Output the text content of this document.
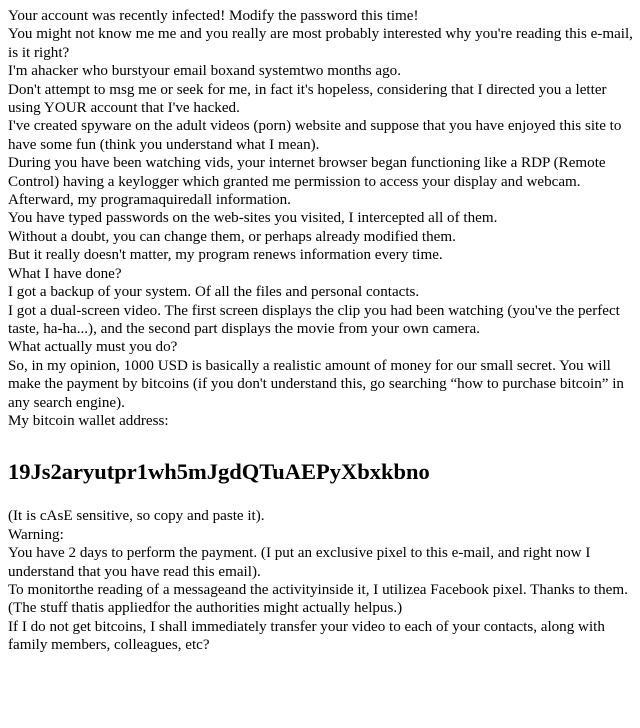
Your account was recently infected! Modify the password this time!

You might not know me me and you really are most probably interested why you're reading this e-mail, is it right?

I'm ahacker who burstyour email boxand systemtwo months ago.

Don't attempt to msg me or seek for me, in fact it's hopeless, considering that I directed you a letter using YOUR account that I've hacked.

I've created spyware on the adult videos (porn) website and suppose that you have enjoyed this site to have some fun (think you understand what I mean).

During you have been watching vids, your internet browser began functioning like a RDP (Remote Control) having a keylogger which granted me permission to access your display and webcam.

Afterward, my programaquiredall information.

You have typed passwords on the web-sites you visited, I intercepted all of them.

Without a doubt, you can change them, or perhaps already modified them.

But it really doesn't matter, my program renews information every time.

What I have done?

I got a backup of your system. Of all the files and personal contacts.

I got a dual-screen video. The first screen displays the clip you had been watching (you've the perfect taste, ha-ha...), and the second part displays the movie from your own camera.

What actually must you do?

So, in my opinion, 1000 USD is basically a realistic amount of money for our small secret. You will make the payment by bitcoins (if you don't understand this, go searching “how to purchase bitcoin” in any search engine).

My bitcoin wallet address:

19Js2aryutpr1wh5mJgdQTuAEPyXbxkbno

(It is cAsE sensitive, so copy and paste it).

Warning:

You have 2 days to perform the payment. (I put an exclusive pixel to this e-mail, and right now I understand that you have read this email).

To monitorthe reading of a messageand the activityinside it, I utilizea Facebook pixel. Thanks to them. (The stuff thatis appliedfor the authorities might actually helpus.)

If I do not get bitcoins, I shall immediately transfer your video to each of your contacts, along with family members, colleagues, etc?
